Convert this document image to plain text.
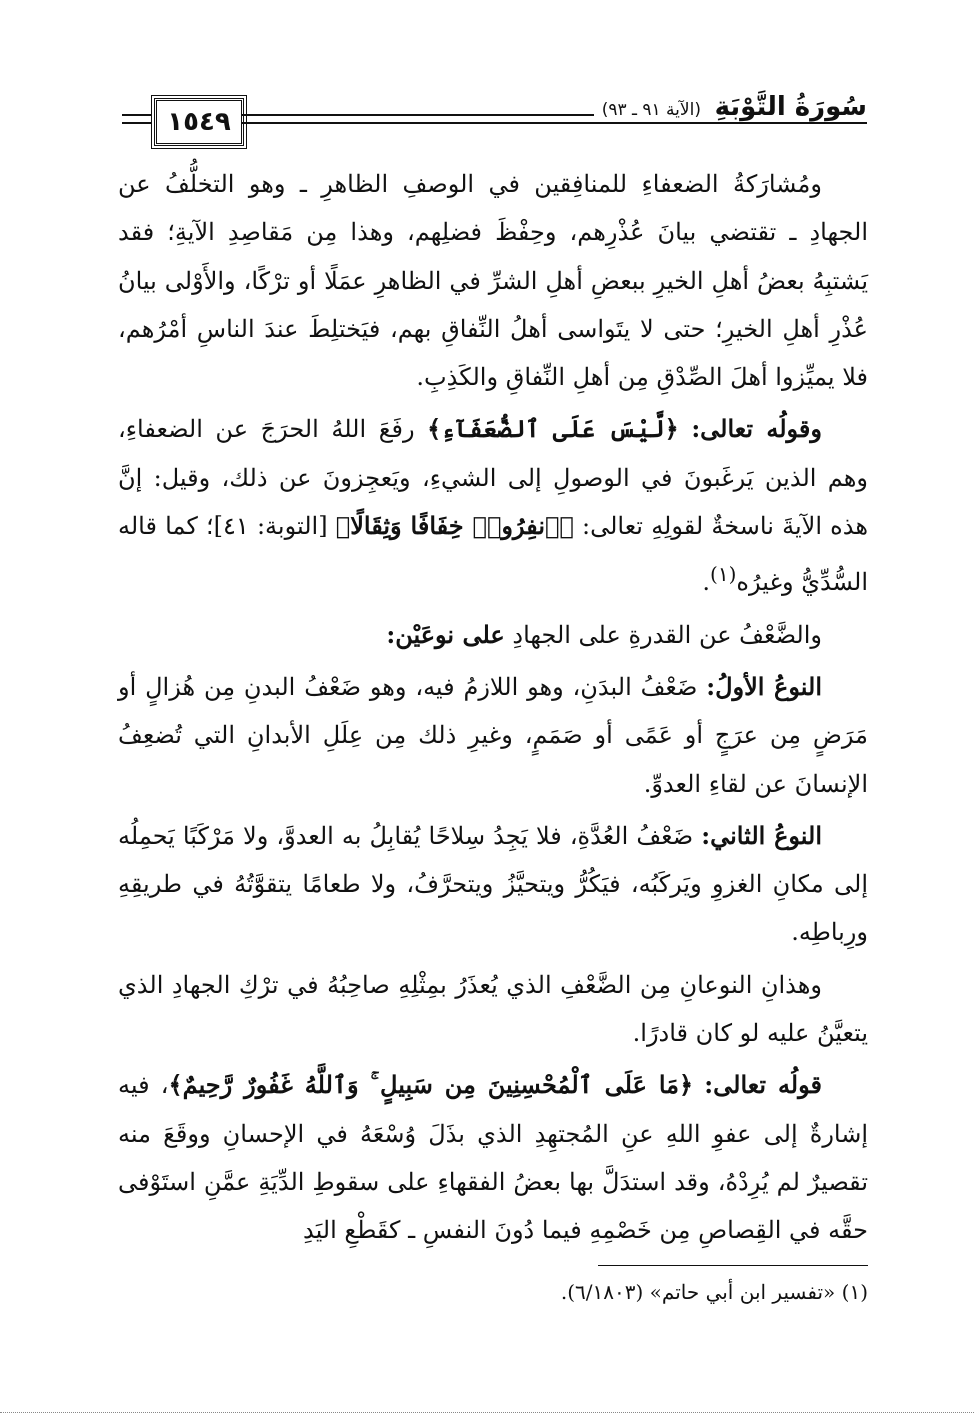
١٥٤٩	سُورَةُ التَّوْبَةِ (الآية ٩١ ـ ٩٣)

ومُشارَكةُ الضعفاءِ للمنافِقين في الوصفِ الظاهرِ ـ وهو التخلُّفُ عن الجهادِ ـ تقتضي بيانَ عُذْرِهم، وحِفْظَ فضلِهم، وهذا مِن مَقاصِدِ الآيةِ؛ فقد يَشتبِهُ بعضُ أهلِ الخيرِ ببعضِ أهلِ الشرِّ في الظاهرِ عمَلًا أو ترْكًا، والأَوْلى بيانُ عُذْرِ أهلِ الخيرِ؛ حتى لا يتَواسى أهلُ النِّفاقِ بهم، فيَختلِطَ عندَ الناسِ أمْرُهم، فلا يميِّزوا أهلَ الصِّدْقِ مِن أهلِ النِّفاقِ والكَذِبِ.

وقولُه تعالى: ﴿لَّيْسَ عَلَى ٱلضُّعَفَآءِ﴾ رفَعَ اللهُ الحرَجَ عن الضعفاءِ، وهم الذين يَرغَبونَ في الوصولِ إلى الشيءِ، ويَعجِزونَ عن ذلك، وقيل: إنَّ هذه الآيةَ ناسخةٌ لقولِهِ تعالى: ﴿ٱنفِرُوا۟ خِفَافًا وَثِقَالًا﴾ [التوبة: ٤١]؛ كما قاله السُّدِّيُّ وغيرُه$^{(١)}$.

والضَّعْفُ عن القدرةِ على الجهادِ على نوعَيْن:

النوعُ الأولُ: ضَعْفُ البدَنِ، وهو اللازمُ فيه، وهو ضَعْفُ البدنِ مِن هُزالٍ أو مَرَضٍ مِن عرَجٍ أو عَمًى أو صَمَمٍ، وغيرِ ذلك مِن عِلَلِ الأبدانِ التي تُضعِفُ الإنسانَ عن لقاءِ العدوِّ.

النوعُ الثاني: ضَعْفُ العُدَّةِ، فلا يَجِدُ سِلاحًا يُقابِلُ به العدوَّ، ولا مَرْكَبًا يَحمِلُه إلى مكانِ الغزوِ ويَركَبُه، فيَكُرُّ ويتحيَّزُ ويتحرَّفُ، ولا طعامًا يتقوَّتُهُ في طريقِهِ ورِباطِه.

وهذانِ النوعانِ مِن الضَّعْفِ الذي يُعذَرُ بمِثْلِهِ صاحِبُهُ في ترْكِ الجهادِ الذي يتعيَّنُ عليه لو كان قادرًا.

قولُه تعالى: ﴿مَا عَلَى ٱلْمُحْسِنِينَ مِن سَبِيلٍ ۚ وَٱللَّهُ غَفُورٌ رَّحِيمٌ﴾، فيه إشارةٌ إلى عفوِ اللهِ عنِ المُجتهِدِ الذي بذَلَ وُسْعَهُ في الإحسانِ ووقَعَ منه تقصيرٌ لم يُرِدْهُ، وقد استدَلَّ بها بعضُ الفقهاءِ على سقوطِ الدِّيَةِ عمَّنِ استَوْفى حقَّه في القِصاصِ مِن خَصْمِهِ فيما دُونَ النفسِ ـ كقَطْعِ اليَدِ

(١) «تفسير ابن أبي حاتم» (٦/١٨٠٣).
